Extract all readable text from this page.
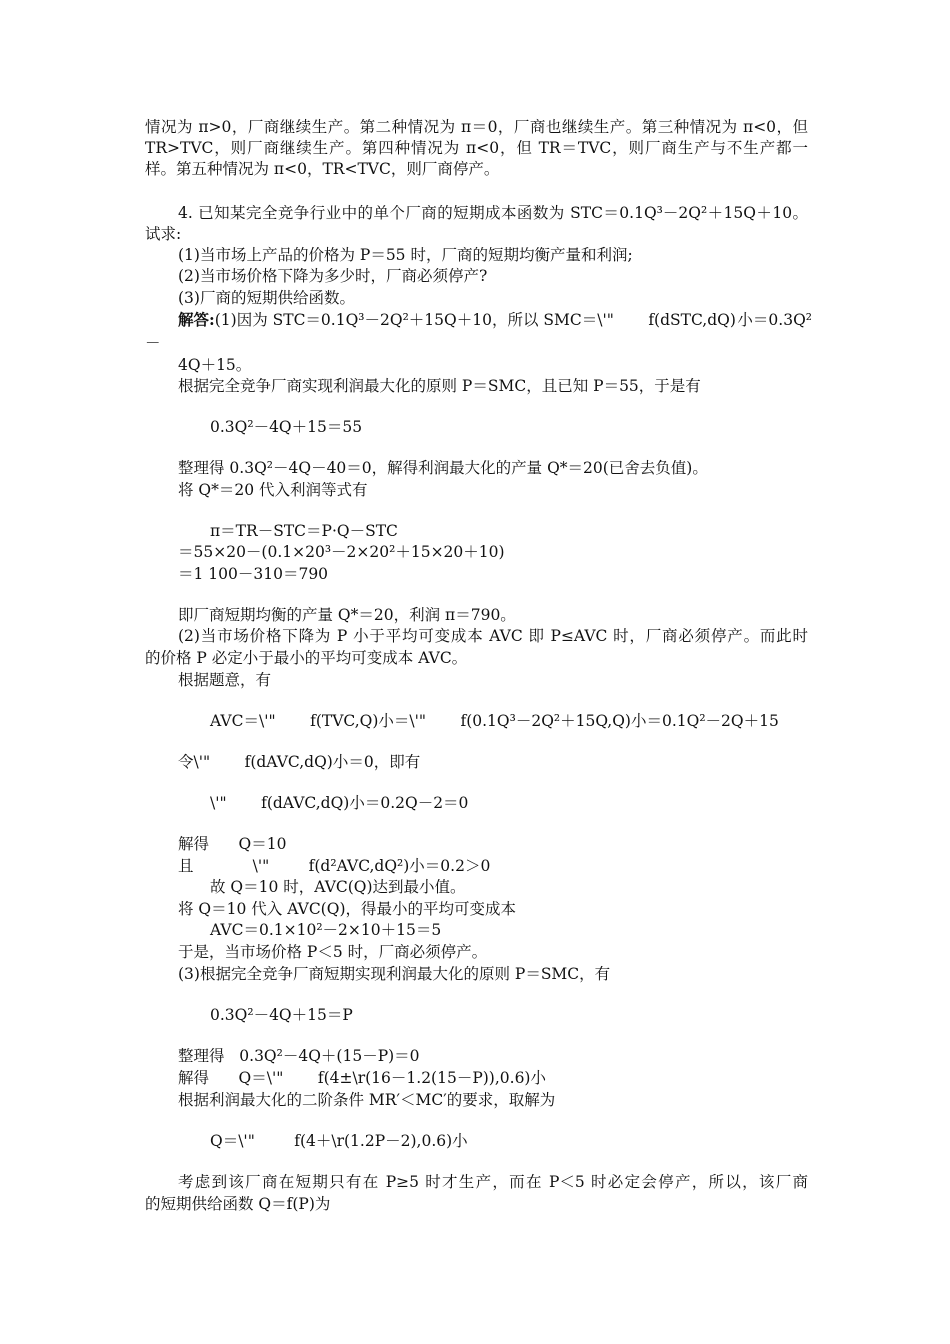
情况为 π>0，厂商继续生产。第二种情况为 π＝0，厂商也继续生产。第三种情况为 π<0，但

TR>TVC，则厂商继续生产。第四种情况为 π<0，但 TR＝TVC，则厂商生产与不生产都一

样。第五种情况为 π<0，TR<TVC，则厂商停产。

4. 已知某完全竞争行业中的单个厂商的短期成本函数为 STC＝0.1Q³－2Q²＋15Q＋10。

试求:

(1)当市场上产品的价格为 P＝55 时，厂商的短期均衡产量和利润;

(2)当市场价格下降为多少时，厂商必须停产?

(3)厂商的短期供给函数。

解答:(1)因为 STC＝0.1Q³－2Q²＋15Q＋10，所以 SMC＝\'"       f(dSTC,dQ) 小​＝0.3Q²

－

4Q＋15。

根据完全竞争厂商实现利润最大化的原则 P＝SMC，且已知 P＝55，于是有

0.3Q²－4Q＋15＝55

整理得 0.3Q²－4Q－40＝0，解得利润最大化的产量 Q*＝20(已舍去负值)。

将 Q*＝20 代入利润等式有

π＝TR－STC＝P·Q－STC

＝55×20－(0.1×20³－2×20²＋15×20＋10)

＝1 100－310＝790

即厂商短期均衡的产量 Q*＝20，利润 π＝790。

(2)当市场价格下降为 P 小于平均可变成本 AVC 即 P≤AVC 时，厂商必须停产。而此时

的价格 P 必定小于最小的平均可变成本 AVC。

根据题意，有

AVC＝\'"       f(TVC,Q)小＝\'"       f(0.1Q³－2Q²＋15Q,Q)小＝0.1Q²－2Q＋15

令\'"       f(dAVC,dQ)小＝0，即有

\'"       f(dAVC,dQ)小＝0.2Q－2＝0

解得      Q＝10

且            \'"        f(d²AVC,dQ²)小＝0.2＞0

故 Q＝10 时，AVC(Q)达到最小值。

将 Q＝10 代入 AVC(Q)，得最小的平均可变成本

AVC＝0.1×10²－2×10＋15＝5

于是，当市场价格 P＜5 时，厂商必须停产。

(3)根据完全竞争厂商短期实现利润最大化的原则 P＝SMC，有

0.3Q²－4Q＋15＝P

整理得   0.3Q²－4Q＋(15－P)＝0

解得      Q＝\'"       f(4±\r(16－1.2(15－P)),0.6)小

根据利润最大化的二阶条件 MR′＜MC′的要求，取解为

Q＝\'"        f(4＋\r(1.2P－2),0.6)小

考虑到该厂商在短期只有在 P≥5 时才生产，而在 P＜5 时必定会停产，所以，该厂商

的短期供给函数 Q＝f(P)为
